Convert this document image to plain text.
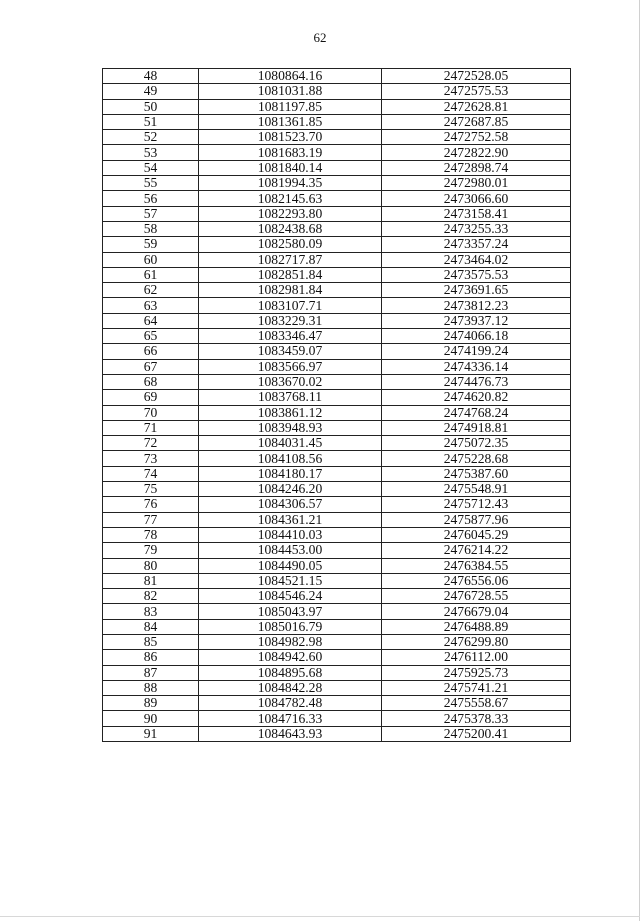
62
48	1080864.16	2472528.05
49	1081031.88	2472575.53
50	1081197.85	2472628.81
51	1081361.85	2472687.85
52	1081523.70	2472752.58
53	1081683.19	2472822.90
54	1081840.14	2472898.74
55	1081994.35	2472980.01
56	1082145.63	2473066.60
57	1082293.80	2473158.41
58	1082438.68	2473255.33
59	1082580.09	2473357.24
60	1082717.87	2473464.02
61	1082851.84	2473575.53
62	1082981.84	2473691.65
63	1083107.71	2473812.23
64	1083229.31	2473937.12
65	1083346.47	2474066.18
66	1083459.07	2474199.24
67	1083566.97	2474336.14
68	1083670.02	2474476.73
69	1083768.11	2474620.82
70	1083861.12	2474768.24
71	1083948.93	2474918.81
72	1084031.45	2475072.35
73	1084108.56	2475228.68
74	1084180.17	2475387.60
75	1084246.20	2475548.91
76	1084306.57	2475712.43
77	1084361.21	2475877.96
78	1084410.03	2476045.29
79	1084453.00	2476214.22
80	1084490.05	2476384.55
81	1084521.15	2476556.06
82	1084546.24	2476728.55
83	1085043.97	2476679.04
84	1085016.79	2476488.89
85	1084982.98	2476299.80
86	1084942.60	2476112.00
87	1084895.68	2475925.73
88	1084842.28	2475741.21
89	1084782.48	2475558.67
90	1084716.33	2475378.33
91	1084643.93	2475200.41
